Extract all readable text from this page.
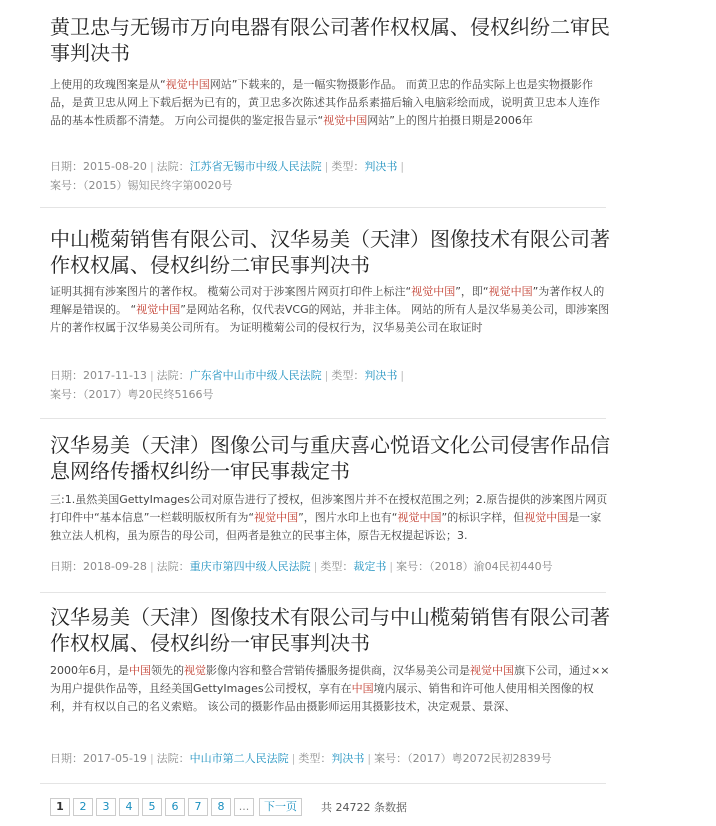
黄卫忠与无锡市万向电器有限公司著作权权属、侵权纠纷二审民
事判决书
上使用的玫瑰图案是从“视觉中国网站”下载来的，是一幅实物摄影作品。 而黄卫忠的作品实际上也是实物摄影作品，是黄卫忠从网上下载后据为已有的，黄卫忠多次陈述其作品系素描后输入电脑彩绘而成，说明黄卫忠本人连作品的基本性质都不清楚。 万向公司提供的鉴定报告显示“视觉中国网站”上的图片拍摄日期是2006年
日期：2015-08-20 | 法院：江苏省无锡市中级人民法院 | 类型：判决书 |
案号：（2015）锡知民终字第0020号
中山榄菊销售有限公司、汉华易美（天津）图像技术有限公司著
作权权属、侵权纠纷二审民事判决书
证明其拥有涉案图片的著作权。 榄菊公司对于涉案图片网页打印件上标注“视觉中国”，即“视觉中国”为著作权人的理解是错误的。 “视觉中国”是网站名称，仅代表VCG的网站，并非主体。 网站的所有人是汉华易美公司，即涉案图片的著作权属于汉华易美公司所有。 为证明榄菊公司的侵权行为，汉华易美公司在取证时
日期：2017-11-13 | 法院：广东省中山市中级人民法院 | 类型：判决书 |
案号：（2017）粤20民终5166号
汉华易美（天津）图像公司与重庆喜心悦语文化公司侵害作品信
息网络传播权纠纷一审民事裁定书
三:1.虽然美国GettyImages公司对原告进行了授权，但涉案图片并不在授权范围之列；2.原告提供的涉案图片网页打印件中“基本信息”一栏载明版权所有为“视觉中国”，图片水印上也有“视觉中国”的标识字样，但视觉中国是一家独立法人机构，虽为原告的母公司，但两者是独立的民事主体，原告无权提起诉讼；3.
日期：2018-09-28 | 法院：重庆市第四中级人民法院 | 类型：裁定书 | 案号：（2018）渝04民初440号
汉华易美（天津）图像技术有限公司与中山榄菊销售有限公司著
作权权属、侵权纠纷一审民事判决书
2000年6月，是中国领先的视觉影像内容和整合营销传播服务提供商，汉华易美公司是视觉中国旗下公司，通过××为用户提供作品等，且经美国GettyImages公司授权，享有在中国境内展示、销售和许可他人使用相关图像的权利，并有权以自己的名义索赔。 该公司的摄影作品由摄影师运用其摄影技术，决定观景、景深、
日期：2017-05-19 | 法院：中山市第二人民法院 | 类型：判决书 | 案号：（2017）粤2072民初2839号
1	2	3	4	5	6	7	8	...	下一页	共 24722 条数据
